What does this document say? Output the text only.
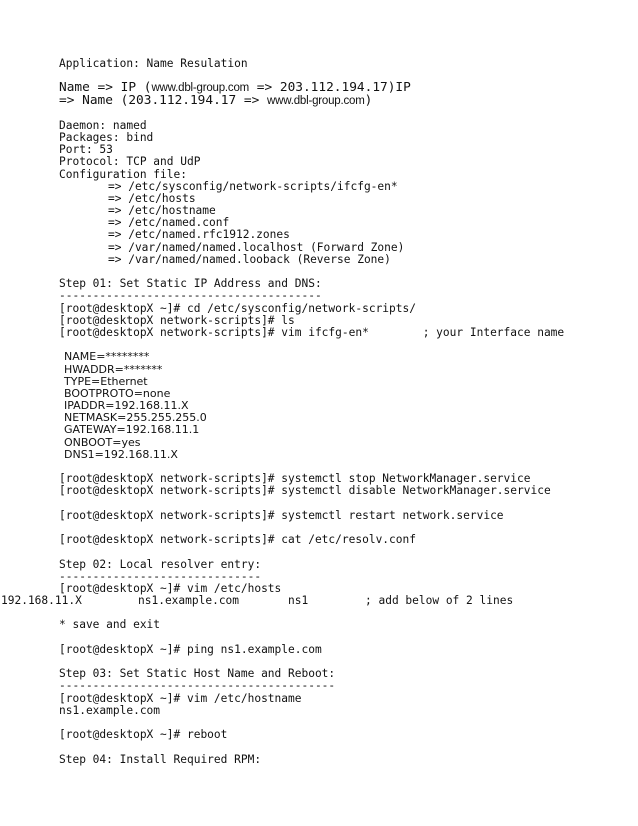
Application: Name Resulation
Name => IP (www.dbl-group.com => 203.112.194.17)IP
=> Name (203.112.194.17 => www.dbl-group.com)
Daemon: named
Packages: bind
Port: 53
Protocol: TCP and UdP
Configuration file:
=> /etc/sysconfig/network-scripts/ifcfg-en*
=> /etc/hosts
=> /etc/hostname
=> /etc/named.conf
=> /etc/named.rfc1912.zones
=> /var/named/named.localhost (Forward Zone)
=> /var/named/named.looback (Reverse Zone)
Step 01: Set Static IP Address and DNS:
---------------------------------------
[root@desktopX ~]# cd /etc/sysconfig/network-scripts/
[root@desktopX network-scripts]# ls
[root@desktopX network-scripts]# vim ifcfg-en*        ; your Interface name
NAME=********
HWADDR=*******
TYPE=Ethernet
BOOTPROTO=none
IPADDR=192.168.11.X
NETMASK=255.255.255.0
GATEWAY=192.168.11.1
ONBOOT=yes
DNS1=192.168.11.X
[root@desktopX network-scripts]# systemctl stop NetworkManager.service
[root@desktopX network-scripts]# systemctl disable NetworkManager.service
[root@desktopX network-scripts]# systemctl restart network.service
[root@desktopX network-scripts]# cat /etc/resolv.conf
Step 02: Local resolver entry:
------------------------------
[root@desktopX ~]# vim /etc/hosts
192.168.11.X	ns1.example.com	ns1	; add below of 2 lines
* save and exit
[root@desktopX ~]# ping ns1.example.com
Step 03: Set Static Host Name and Reboot:
-----------------------------------------
[root@desktopX ~]# vim /etc/hostname
ns1.example.com
[root@desktopX ~]# reboot
Step 04: Install Required RPM:
